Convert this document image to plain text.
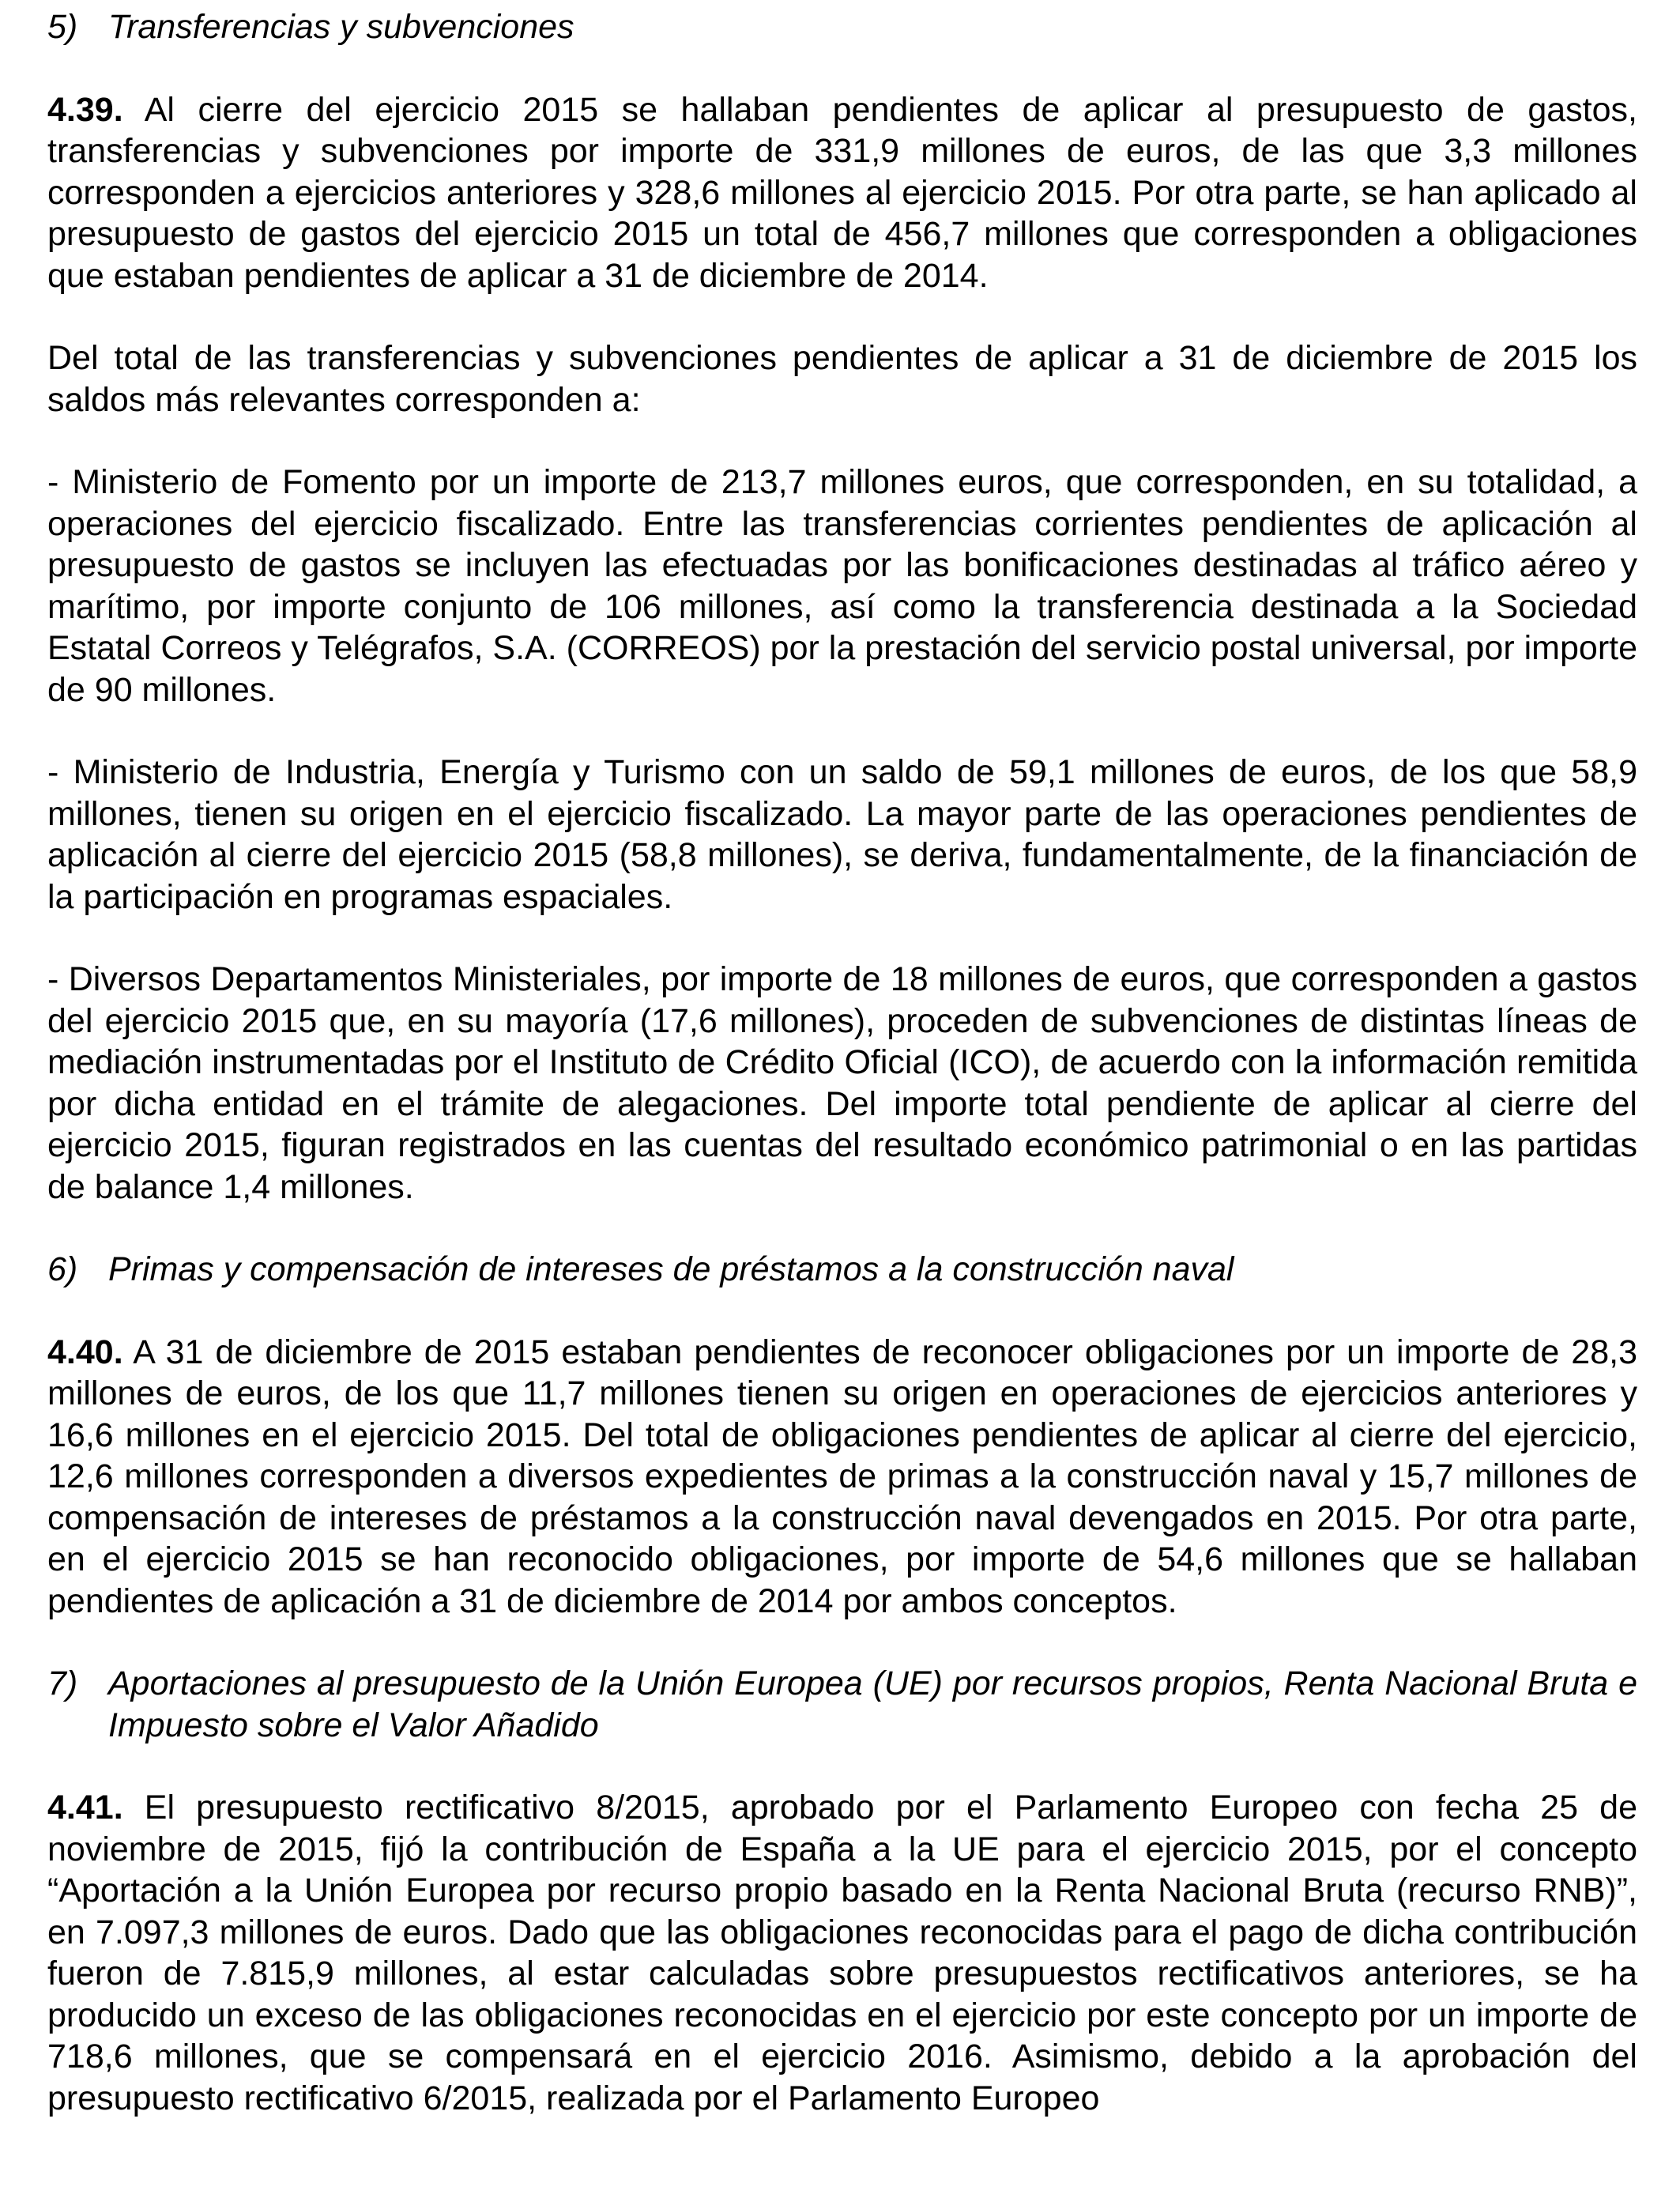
5) Transferencias y subvenciones

4.39. Al cierre del ejercicio 2015 se hallaban pendientes de aplicar al presupuesto de gastos, transferencias y subvenciones por importe de 331,9 millones de euros, de las que 3,3 millones corresponden a ejercicios anteriores y 328,6 millones al ejercicio 2015. Por otra parte, se han aplicado al presupuesto de gastos del ejercicio 2015 un total de 456,7 millones que corresponden a obligaciones que estaban pendientes de aplicar a 31 de diciembre de 2014.

Del total de las transferencias y subvenciones pendientes de aplicar a 31 de diciembre de 2015 los saldos más relevantes corresponden a:

- Ministerio de Fomento por un importe de 213,7 millones euros, que corresponden, en su totalidad, a operaciones del ejercicio fiscalizado. Entre las transferencias corrientes pendientes de aplicación al presupuesto de gastos se incluyen las efectuadas por las bonificaciones destinadas al tráfico aéreo y marítimo, por importe conjunto de 106 millones, así como la transferencia destinada a la Sociedad Estatal Correos y Telégrafos, S.A. (CORREOS) por la prestación del servicio postal universal, por importe de 90 millones.

- Ministerio de Industria, Energía y Turismo con un saldo de 59,1 millones de euros, de los que 58,9 millones, tienen su origen en el ejercicio fiscalizado. La mayor parte de las operaciones pendientes de aplicación al cierre del ejercicio 2015 (58,8 millones), se deriva, fundamentalmente, de la financiación de la participación en programas espaciales.

- Diversos Departamentos Ministeriales, por importe de 18 millones de euros, que corresponden a gastos del ejercicio 2015 que, en su mayoría (17,6 millones), proceden de subvenciones de distintas líneas de mediación instrumentadas por el Instituto de Crédito Oficial (ICO), de acuerdo con la información remitida por dicha entidad en el trámite de alegaciones. Del importe total pendiente de aplicar al cierre del ejercicio 2015, figuran registrados en las cuentas del resultado económico patrimonial o en las partidas de balance 1,4 millones.

6) Primas y compensación de intereses de préstamos a la construcción naval

4.40. A 31 de diciembre de 2015 estaban pendientes de reconocer obligaciones por un importe de 28,3 millones de euros, de los que 11,7 millones tienen su origen en operaciones de ejercicios anteriores y 16,6 millones en el ejercicio 2015. Del total de obligaciones pendientes de aplicar al cierre del ejercicio, 12,6 millones corresponden a diversos expedientes de primas a la construcción naval y 15,7 millones de compensación de intereses de préstamos a la construcción naval devengados en 2015. Por otra parte, en el ejercicio 2015 se han reconocido obligaciones, por importe de 54,6 millones que se hallaban pendientes de aplicación a 31 de diciembre de 2014 por ambos conceptos.

7) Aportaciones al presupuesto de la Unión Europea (UE) por recursos propios, Renta Nacional Bruta e Impuesto sobre el Valor Añadido

4.41. El presupuesto rectificativo 8/2015, aprobado por el Parlamento Europeo con fecha 25 de noviembre de 2015, fijó la contribución de España a la UE para el ejercicio 2015, por el concepto “Aportación a la Unión Europea por recurso propio basado en la Renta Nacional Bruta (recurso RNB)”, en 7.097,3 millones de euros. Dado que las obligaciones reconocidas para el pago de dicha contribución fueron de 7.815,9 millones, al estar calculadas sobre presupuestos rectificativos anteriores, se ha producido un exceso de las obligaciones reconocidas en el ejercicio por este concepto por un importe de 718,6 millones, que se compensará en el ejercicio 2016. Asimismo, debido a la aprobación del presupuesto rectificativo 6/2015, realizada por el Parlamento Europeo
